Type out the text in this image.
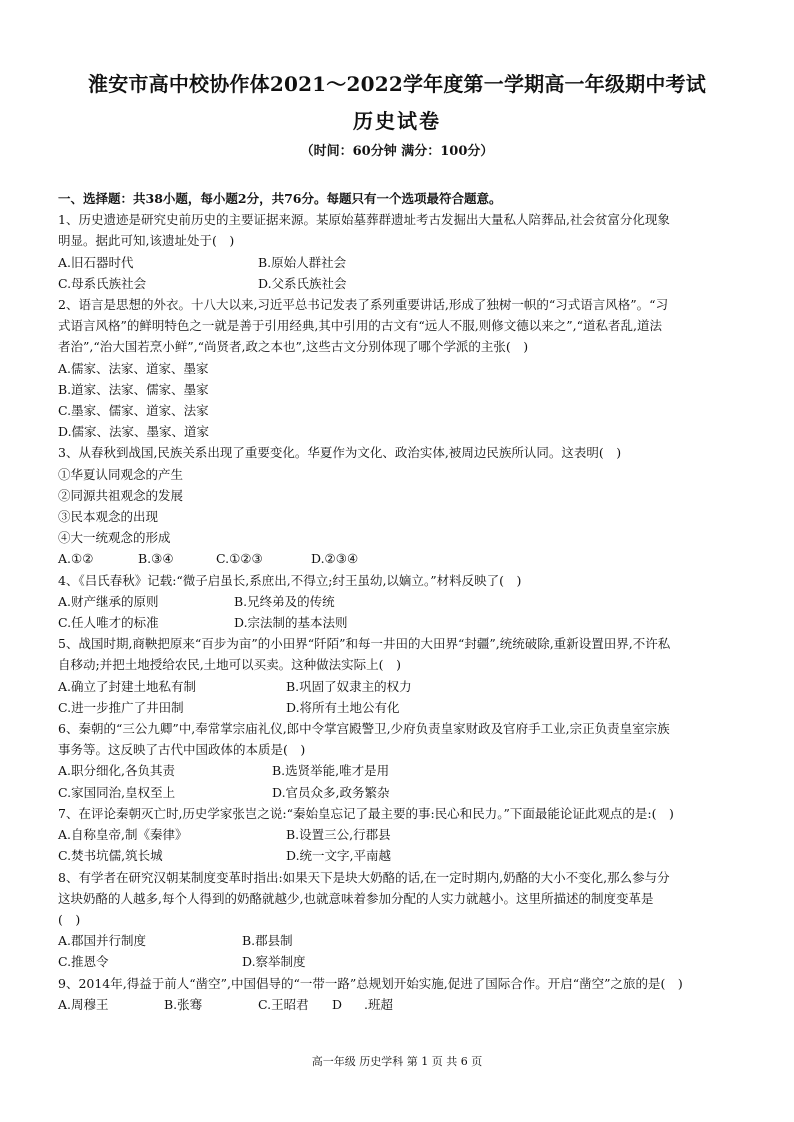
淮安市高中校协作体2021～2022学年度第一学期高一年级期中考试
历史试卷
（时间：60分钟 满分：100分）
一、选择题：共38小题，每小题2分，共76分。每题只有一个选项最符合题意。

1、历史遗迹是研究史前历史的主要证据来源。某原始墓葬群遗址考古发掘出大量私人陪葬品,社会贫富分化现象

明显。据此可知,该遗址处于(　)

A.旧石器时代	B.原始人群社会
C.母系氏族社会	D.父系氏族社会

2、语言是思想的外衣。十八大以来,习近平总书记发表了系列重要讲话,形成了独树一帜的“习式语言风格”。“习

式语言风格”的鲜明特色之一就是善于引用经典,其中引用的古文有“远人不服,则修文德以来之”,“道私者乱,道法

者治”,“治大国若烹小鲜”,“尚贤者,政之本也”,这些古文分别体现了哪个学派的主张(　)

A.儒家、法家、道家、墨家
B.道家、法家、儒家、墨家
C.墨家、儒家、道家、法家
D.儒家、法家、墨家、道家

3、从春秋到战国,民族关系出现了重要变化。华夏作为文化、政治实体,被周边民族所认同。这表明(　)

①华夏认同观念的产生

②同源共祖观念的发展

③民本观念的出现

④大一统观念的形成

A.①②	B.③④	C.①②③	D.②③④

4、《吕氏春秋》记载:“微子启虽长,系庶出,不得立;纣王虽幼,以嫡立。”材料反映了(　)

A.财产继承的原则	B.兄终弟及的传统
C.任人唯才的标准	D.宗法制的基本法则

5、战国时期,商鞅把原来“百步为亩”的小田界“阡陌”和每一井田的大田界“封疆”,统统破除,重新设置田界,不许私

自移动;并把土地授给农民,土地可以买卖。这种做法实际上(　)

A.确立了封建土地私有制	B.巩固了奴隶主的权力
C.进一步推广了井田制	D.将所有土地公有化

6、秦朝的“三公九卿”中,奉常掌宗庙礼仪,郎中令掌宫殿警卫,少府负责皇家财政及官府手工业,宗正负责皇室宗族

事务等。这反映了古代中国政体的本质是(　)

A.职分细化,各负其责	B.选贤举能,唯才是用
C.家国同治,皇权至上	D.官员众多,政务繁杂

7、在评论秦朝灭亡时,历史学家张岂之说:“秦始皇忘记了最主要的事:民心和民力。”下面最能论证此观点的是:(　)

A.自称皇帝,制《秦律》	B.设置三公,行郡县
C.焚书坑儒,筑长城	D.统一文字,平南越

8、有学者在研究汉朝某制度变革时指出:如果天下是块大奶酪的话,在一定时期内,奶酪的大小不变化,那么参与分

这块奶酪的人越多,每个人得到的奶酪就越少,也就意味着参加分配的人实力就越小。这里所描述的制度变革是

(　)

A.郡国并行制度	B.郡县制
C.推恩令	D.察举制度

9、2014年,得益于前人“凿空”,中国倡导的“一带一路”总规划开始实施,促进了国际合作。开启“凿空”之旅的是(　)

A.周穆王	B.张骞	C.王昭君 D .班超
高一年级 历史学科 第 1 页 共 6 页
